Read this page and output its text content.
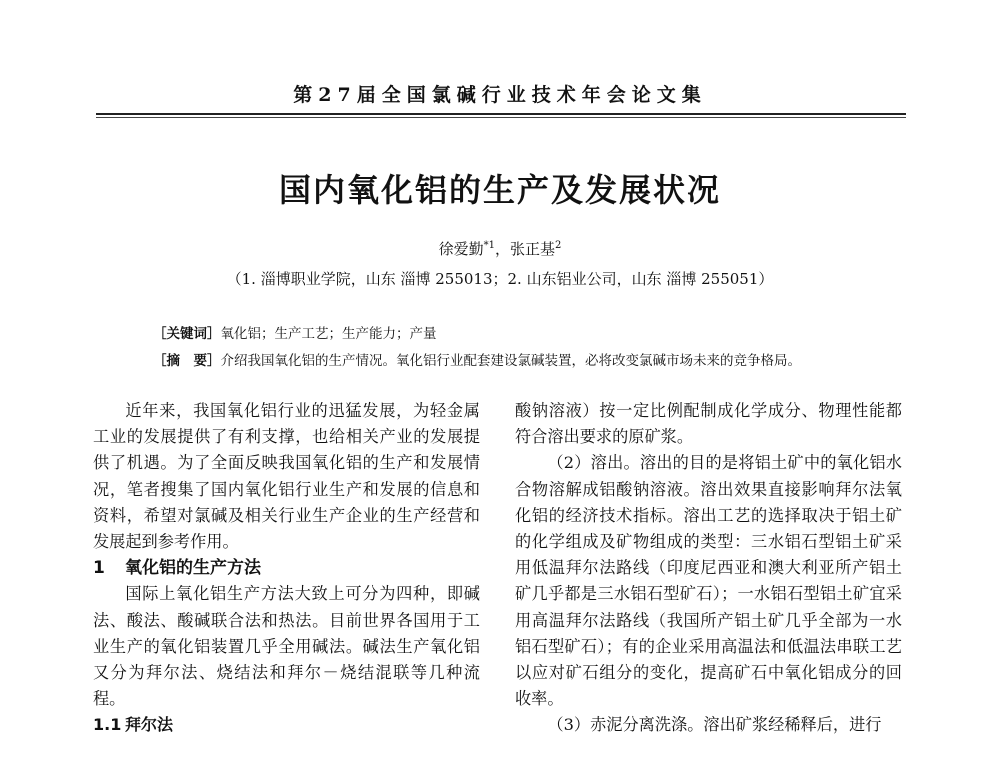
第27届全国氯碱行业技术年会论文集
国内氧化铝的生产及发展状况
徐爱勤$^{*1}$，张正基$^2$
（1. 淄博职业学院，山东 淄博 255013；2. 山东铝业公司，山东 淄博 255051）
［关键词］氧化铝；生产工艺；生产能力；产量
［摘　要］介绍我国氧化铝的生产情况。氧化铝行业配套建设氯碱装置，必将改变氯碱市场未来的竞争格局。

近年来，我国氧化铝行业的迅猛发展，为轻金属工业的发展提供了有利支撑，也给相关产业的发展提供了机遇。为了全面反映我国氧化铝的生产和发展情况，笔者搜集了国内氧化铝行业生产和发展的信息和资料，希望对氯碱及相关行业生产企业的生产经营和发展起到参考作用。

1 氧化铝的生产方法

国际上氧化铝生产方法大致上可分为四种，即碱法、酸法、酸碱联合法和热法。目前世界各国用于工业生产的氧化铝装置几乎全用碱法。碱法生产氧化铝又分为拜尔法、烧结法和拜尔－烧结混联等几种流程。

1.1 拜尔法

酸钠溶液）按一定比例配制成化学成分、物理性能都符合溶出要求的原矿浆。

（2）溶出。溶出的目的是将铝土矿中的氧化铝水合物溶解成铝酸钠溶液。溶出效果直接影响拜尔法氧化铝的经济技术指标。溶出工艺的选择取决于铝土矿的化学组成及矿物组成的类型：三水铝石型铝土矿采用低温拜尔法路线（印度尼西亚和澳大利亚所产铝土矿几乎都是三水铝石型矿石）；一水铝石型铝土矿宜采用高温拜尔法路线（我国所产铝土矿几乎全部为一水铝石型矿石）；有的企业采用高温法和低温法串联工艺以应对矿石组分的变化，提高矿石中氧化铝成分的回收率。

（3）赤泥分离洗涤。溶出矿浆经稀释后，进行
